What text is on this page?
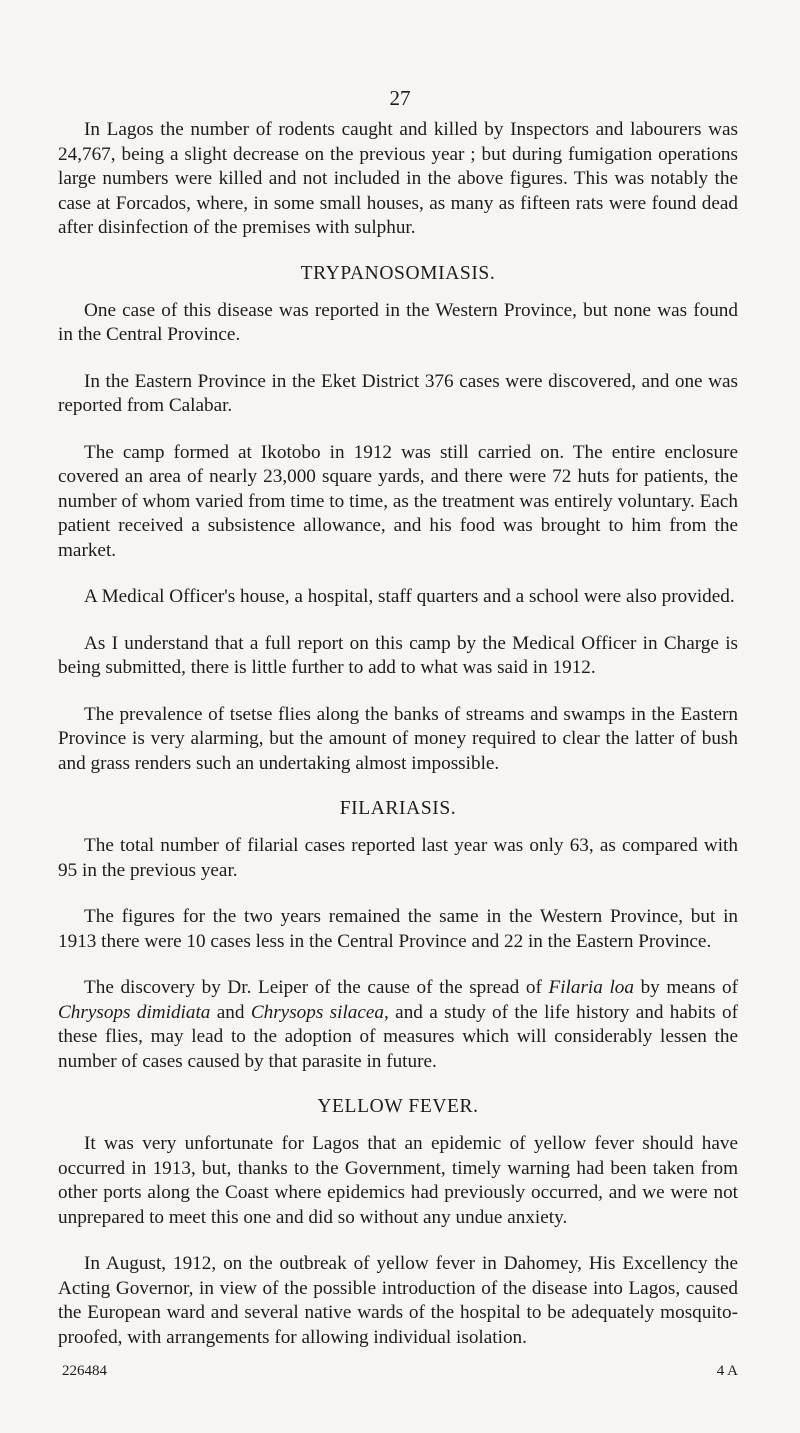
27

In Lagos the number of rodents caught and killed by Inspectors and labourers was 24,767, being a slight decrease on the previous year ; but during fumigation operations large numbers were killed and not included in the above figures. This was notably the case at Forcados, where, in some small houses, as many as fifteen rats were found dead after disinfection of the premises with sulphur.

TRYPANOSOMIASIS.

One case of this disease was reported in the Western Province, but none was found in the Central Province.

In the Eastern Province in the Eket District 376 cases were discovered, and one was reported from Calabar.

The camp formed at Ikotobo in 1912 was still carried on. The entire enclosure covered an area of nearly 23,000 square yards, and there were 72 huts for patients, the number of whom varied from time to time, as the treatment was entirely voluntary. Each patient received a subsistence allowance, and his food was brought to him from the market.

A Medical Officer's house, a hospital, staff quarters and a school were also provided.

As I understand that a full report on this camp by the Medical Officer in Charge is being submitted, there is little further to add to what was said in 1912.

The prevalence of tsetse flies along the banks of streams and swamps in the Eastern Province is very alarming, but the amount of money required to clear the latter of bush and grass renders such an undertaking almost impossible.

FILARIASIS.

The total number of filarial cases reported last year was only 63, as compared with 95 in the previous year.

The figures for the two years remained the same in the Western Province, but in 1913 there were 10 cases less in the Central Province and 22 in the Eastern Province.

The discovery by Dr. Leiper of the cause of the spread of Filaria loa by means of Chrysops dimidiata and Chrysops silacea, and a study of the life history and habits of these flies, may lead to the adoption of measures which will considerably lessen the number of cases caused by that parasite in future.

YELLOW FEVER.

It was very unfortunate for Lagos that an epidemic of yellow fever should have occurred in 1913, but, thanks to the Government, timely warning had been taken from other ports along the Coast where epidemics had previously occurred, and we were not unprepared to meet this one and did so without any undue anxiety.

In August, 1912, on the outbreak of yellow fever in Dahomey, His Excellency the Acting Governor, in view of the possible introduction of the disease into Lagos, caused the European ward and several native wards of the hospital to be adequately mosquito-proofed, with arrangements for allowing individual isolation.

226484	4 A
